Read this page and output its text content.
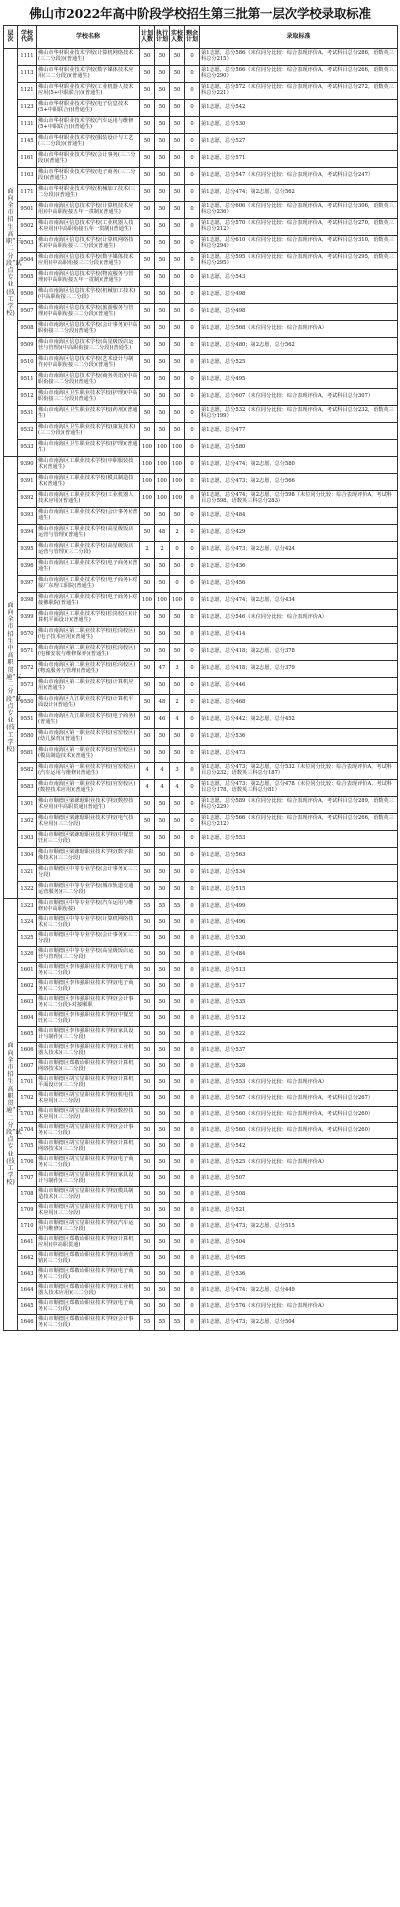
佛山市2022年高中阶段学校招生第三批第一层次学校录取标准
层次	学校代码	学校名称	计划人数	执行计划	实校人数	剩余计划	录取标准
面向全市招生高职“三二分段”试点专业(技工学校)	1111	佛山市华材职业技术学校(计算机网络技术(三二分段))(普通生)	50	50	50	0	第1志愿，总分586（末位同分比较：综合表现评价A，考试科目总分286，语数英三科总分215）
	1113	佛山市华材职业技术学校(数字媒体技术应用(三二分段))(普通生)	50	50	50	0	第1志愿，总分566（末位同分比较：综合表现评价A，考试科目总分266，语数英三科总分290）
	1121	佛山市华材职业技术学校(工业机器人技术应用(5+中职联合))(普通生)	50	50	50	0	第1志愿，总分572（末位同分比较：综合表现评价A，考试科目总分272，语数英三科总分221）
	1123	佛山市华材职业技术学校(电子信息技术(5+中职联合))(普通生)	50	50	50	0	第1志愿，总分542
	1131	佛山市华材职业技术学校(汽车运用与维修(5+中职联合))(普通生)	50	50	50	0	第1志愿，总分530
	1145	佛山市华材职业技术学校(服装设计与工艺(三二分段))(普通生)	50	50	50	0	第1志愿，总分527
	1161	佛山市华材职业技术学校(会计事务(三二分段))(普通生)	50	50	50	0	第1志愿，总分571
	1163	佛山市华材职业技术学校(电子商务(三二分段))(普通生)	50	50	50	0	第1志愿，总分547（末位同分比较：综合表现评价A，考试科目总分247）
	1171	佛山市华材职业技术学校(机械加工技术(三二分段))(普通生)	50	50	50	0	第1志愿，总分474；第2志愿，总分562
	9501	佛山市南海区信息技术学校(计算机技术应用)(中高职衔接五年一贯制)(普通生)	50	50	50	0	第1志愿，总分606（末位同分比较：综合表现评价A，考试科目总分306，语数英三科总分236）
	9502	佛山市南海区信息技术学校(工业机器人技术应用)(中高职衔接五年一贯制)(普通生)	50	50	50	0	第1志愿，总分570（末位同分比较：综合表现评价A，考试科目总分270，语数英三科总分212）
	9503	佛山市南海区信息技术学校(计算机网络技术)(中高职衔接三二分段)(普通生)	50	50	50	0	第1志愿，总分610（末位同分比较：综合表现评价A，考试科目总分310，语数英三科总分294）
	9504	佛山市南海区信息技术学校(数字媒体技术应用)(中高职衔接三二分段)(普通生)	50	50	50	0	第1志愿，总分595（末位同分比较：综合表现评价A，考试科目总分295，语数英三科总分295）
	9505	佛山市南海区信息技术学校(物流服务与管理)(中高职衔接五年一贯制)(普通生)	50	50	50	0	第1志愿，总分543
	9506	佛山市南海区信息技术学校(机械加工技术)(中高职衔接三二分段)	50	50	50	0	第1志愿，总分498
	9507	佛山市南海区信息技术学校(旅游服务与管理)(中高职衔接三二分段)(普通生)	50	50	50	0	第1志愿，总分498
	9508	佛山市南海区信息技术学校(会计事务)(中高职衔接三二分段)(普通生)	50	50	50	0	第1志愿，总分568（末位同分比较：综合表现评价A）
	9509	佛山市南海区信息技术学校(高星级饭店运营与管理)(中高职衔接三二分段)(普通生)	50	50	50	0	第1志愿，总分480；第2志愿，总分562
	9510	佛山市南海区信息技术学校(艺术设计与制作)(中高职衔接三二分段)(普通生)	50	50	50	0	第1志愿，总分525
	9511	佛山市南海区信息技术学校(商务英语)(中高职衔接三二分段)(普通生)	50	50	50	0	第1志愿，总分495
	9512	佛山市南海区卫生职业技术学校(护理)(中高职衔接三二分段)(普通生)	50	50	50	0	第1志愿，总分607（末位同分比较：综合表现评价A，考试科目总分307）
	9531	佛山市南海区卫生职业技术学校(药剂)(普通生)	50	50	50	0	第1志愿，总分532（末位同分比较：综合表现评价A，考试科目总分232，语数英三科总分199）
	9532	佛山市南海区卫生职业技术学校(康复技术)(三二分段)(普通生)	50	50	50	0	第1志愿，总分477
	9533	佛山市南海区卫生职业技术学校(护理)(普通生)	100	100	100	0	第1志愿，总分580
面向全市招生中高职贯通“三二分段”试点专业(技工学校)	9390	佛山市南海区工职业技术学校(中职服装技术)(普通生)	100	100	100	0	第1志愿，总分474；第2志愿，总分580
	9391	佛山市南海区工职业技术学校(模具制造技术)(普通生)	100	100	100	0	第1志愿，总分473；第2志愿，总分566
	9392	佛山市南海区工职业技术学校(工业机器人技术应用)(普通生)	100	100	100	0	第1志愿，总分474；第2志愿，总分598（末位同分比较：综合表现评价A，考试科目总分598，语数英三科总分283）
	9393	佛山市南海区工职业技术学校(会计事务)(普通生)	50	50	50	0	第1志愿，总分484
	9394	佛山市南海区工职业技术学校(高星级饭店运营与管理)(普通生)	50	48	2	0	第1志愿，总分429
	9395	佛山市南海区工职业技术学校(高星级饭店运营与管理)(三二分段)	2	2	0	0	第1志愿，总分473；第2志愿，总分424
	9396	佛山市南海区工职业技术学校(电子商务)(普通生)	50	50	50	0	第1志愿，总分436
	9397	佛山市南海区工职业技术学校(电子商务)-对接广东理工职院(普通生)	50	50	0	0	第1志愿，总分456
	9398	佛山市南海区工职业技术学校(电子商务)-对接佛职院(普通生)	100	100	100	0	第1志愿，总分474；第2志愿，总分434
	9399	佛山市南海区工职业技术学校(松岗校区)(计算机平面设计)(普通生)	50	50	50	0	第1志愿，总分546（末位同分比较：综合表现评价A）
	9570	佛山市南海区第二职业技术学校(松岗校区)(电子技术应用)(普通生)	50	50	50	0	第1志愿，总分414
	9571	佛山市南海区第二职业技术学校(松岗校区)(电梯安装与维修保养)(普通生)	50	50	50	0	第1志愿，总分418；第2志愿，总分378
	9572	佛山市南海区第二职业技术学校(松岗校区)(物流服务与管理)(普通生)	50	47	3	0	第1志愿，总分418；第2志愿，总分379
	9573	佛山市南海区第二职业技术学校(计算机应用)(普通生)	50	50	50	0	第1志愿，总分446
	9550	佛山市南海区九江职业技术学校(计算机平面设计)(普通生)	50	48	2	0	第1志愿，总分468
	9551	佛山市南海区九江职业技术学校(电子商务)(普通生)	50	46	4	0	第1志愿，总分442；第2志愿，总分452
	9580	佛山市南海区第一职业技术学校(官窑校区)(幼儿保育)(普通生)	50	50	50	0	第1志愿，总分536
	9581	佛山市南海区第一职业技术学校(官窑校区)(模具制造技术)(普通生)	50	50	50	0	第1志愿，总分473
	9582	佛山市南海区第一职业技术学校(官窑校区)(汽车运用与维修)(普通生)	4	4	3	0	第1志愿，总分473；第2志愿，总分532（末位同分比较：综合表现评价A，考试科目总分232，语数英三科总分187）
	9583	佛山市南海区第一职业技术学校(官窑校区)(数控技术应用)(普通生)	4	4	4	0	第1志愿，总分473；第2志愿，总分478（末位同分比较：综合表现评价A，考试科目总分178，语数英三科总分81）
	1301	佛山市顺德区梁銶琚职业技术学校(数控技术应用)(中高职贯通)(普通生)	50	50	50	0	第1志愿，总分589（末位同分比较：综合表现评价A，考试科目总分289，语数英三科总分229）
	1302	佛山市顺德区梁銶琚职业技术学校(电气技术应用)(三二分段)	50	50	50	0	第1志愿，总分566（末位同分比较：综合表现评价A，考试科目总分266，语数英三科总分212）
	1303	佛山市顺德区梁銶琚职业技术学校(中餐烹饪)(三二分段)	50	50	50	0	第1志愿，总分553
	1304	佛山市顺德区梁銶琚职业技术学校(数字影像技术)(三二分段)	50	50	50	0	第1志愿，总分563
	1321	佛山市顺德区中等专业学校(会计事务)(三二分段)	50	50	50	0	第1志愿，总分534
	1322	佛山市顺德区中等专业学校(城市轨道交通运营服务)(三二分段)	50	50	50	0	第1志愿，总分515
面向全市招生高职贯通“三二分段”试点专业(技工学校)	1323	佛山市顺德区中等专业学校(汽车运用与维修)(中高职衔接)	55	55	55	0	第1志愿，总分499
	1324	佛山市顺德区中等专业学校(计算机网络技术)(三二分段)	50	50	50	0	第1志愿，总分496
	1325	佛山市顺德区中等专业学校(会计事务)(三二分段)	50	50	50	0	第1志愿，总分530
	1326	佛山市顺德区中等专业学校(高星级饭店运营与管理)(三二分段)	50	50	50	0	第1志愿，总分484
	1601	佛山市顺德区李伟强职业技术学校(电子商务)(三二分段)	50	50	50	0	第1志愿，总分513
	1602	佛山市顺德区李伟强职业技术学校(电子商务)(三二分段)	50	50	50	0	第1志愿，总分517
	1603	佛山市顺德区李伟强职业技术学校(会计事务)(三二分段)-对接顺职	50	50	50	0	第1志愿，总分535
	1604	佛山市顺德区李伟强职业技术学校(中餐烹饪)(三二分段)	50	50	50	0	第1志愿，总分512
	1605	佛山市顺德区李伟强职业技术学校(家具设计与制作)(三二分段)	50	50	50	0	第1志愿，总分522
	1606	佛山市顺德区李伟强职业技术学校(工业机器人技术)(三二分段)	50	50	50	0	第1志愿，总分537
	1607	佛山市顺德区郑敬诒职业技术学校(计算机网络技术)(三二分段)	50	50	50	0	第1志愿，总分528
	1701	佛山市顺德区胡宝星职业技术学校(计算机平面设计)(三二分段)	50	50	50	0	第1志愿，总分553（末位同分比较：综合表现评价A）
	1702	佛山市顺德区胡宝星职业技术学校(机电技术应用)(三二分段)	50	50	50	0	第1志愿，总分567（末位同分比较：综合表现评价A，考试科目总分267）
	1703	佛山市顺德区胡宝星职业技术学校(数控技术应用)(三二分段)	50	50	50	0	第1志愿，总分560（末位同分比较：综合表现评价A，考试科目总分260）
	1704	佛山市顺德区胡宝星职业技术学校(会计事务)(三二分段)	50	50	50	0	第1志愿，总分560（末位同分比较：综合表现评价A，考试科目总分260）
	1705	佛山市顺德区胡宝星职业技术学校(计算机网络技术)(三二分段)	50	50	50	0	第1志愿，总分542
	1706	佛山市顺德区胡宝星职业技术学校(电子商务)(三二分段)	50	50	50	0	第1志愿，总分525（末位同分比较：综合表现评价A）
	1707	佛山市顺德区胡宝星职业技术学校(家具设计与制作)(三二分段)	50	50	50	0	第1志愿，总分507
	1708	佛山市顺德区胡宝星职业技术学校(模具制造技术)(三二分段)	50	50	50	0	第1志愿，总分508
	1709	佛山市顺德区胡宝星职业技术学校(电子技术应用)(三二分段)	50	50	50	0	第1志愿，总分521
	1710	佛山市顺德区胡宝星职业技术学校(汽车运用与维修)(三二分段)	50	50	50	0	第1志愿，总分473；第2志愿，总分515
	1641	佛山市顺德区郑敬诒职业技术学校(计算机应用)(中高职贯通)	50	50	50	0	第1志愿，总分504
	1642	佛山市顺德区郑敬诒职业技术学校(市场营销)(三二分段)	50	50	50	0	第1志愿，总分495
	1643	佛山市顺德区郑敬诒职业技术学校(电子商务)(三二分段)	50	50	50	0	第1志愿，总分536
	1644	佛山市顺德区郑敬诒职业技术学校(工业机器人技术应用)(三二分段)	50	50	50	0	第1志愿，总分474；第2志愿，总分449
	1645	佛山市顺德区郑敬诒职业技术学校(电子商务)(三二分段)	50	50	50	0	第1志愿，总分576（末位同分比较：综合表现评价A）
	1646	佛山市顺德区郑敬诒职业技术学校(会计事务)(三二分段)	55	55	55	0	第1志愿，总分473；第2志愿，总分504
